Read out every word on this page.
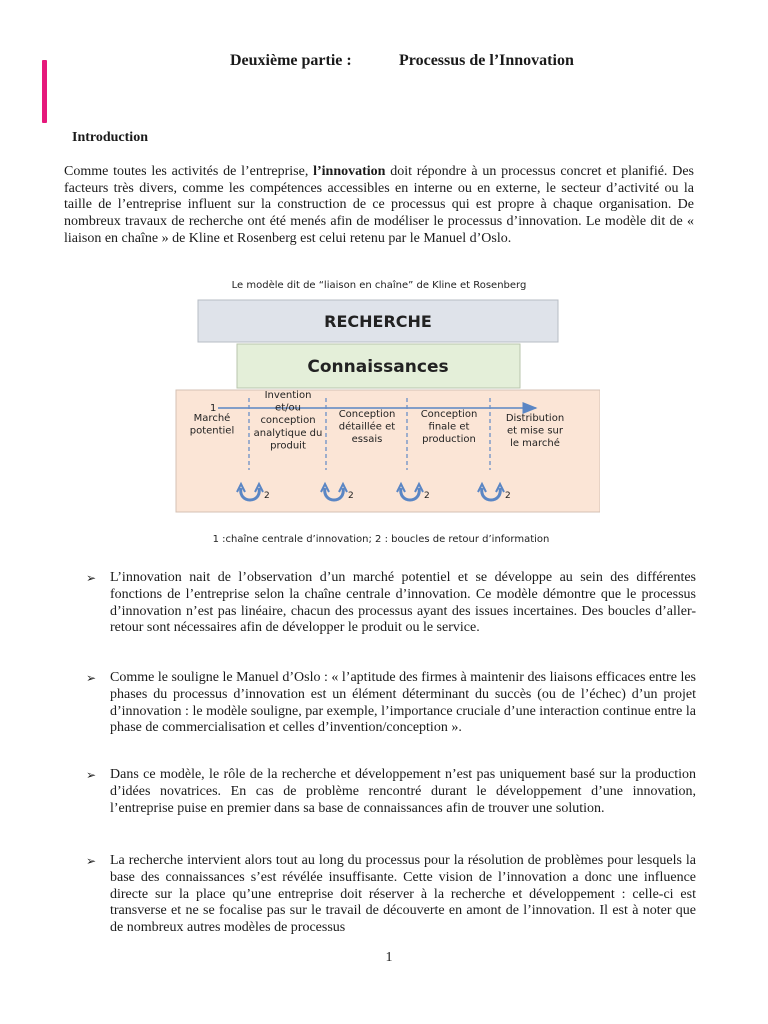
Deuxième partie :	Processus de l’Innovation
Introduction

Comme toutes les activités de l’entreprise, l’innovation doit répondre à un processus concret et planifié. Des facteurs très divers, comme les compétences accessibles en interne ou en externe, le secteur d’activité ou la taille de l’entreprise influent sur la construction de ce processus qui est propre à chaque organisation. De nombreux travaux de recherche ont été menés afin de modéliser le processus d’innovation. Le modèle dit de « liaison en chaîne » de Kline et Rosenberg est celui retenu par le Manuel d’Oslo.

Le modèle dit de “liaison en chaîne” de Kline et Rosenberg
RECHERCHE
Connaissances
1
Marché potentiel
Invention et/ou conception analytique du produit
Conception détaillée et essais
Conception finale et production
Distribution et mise sur le marché
2	2	2	2
1 :chaîne centrale d’innovation; 2 : boucles de retour d’information
➢ L’innovation nait de l’observation d’un marché potentiel et se développe au sein des différentes fonctions de l’entreprise selon la chaîne centrale d’innovation. Ce modèle démontre que le processus d’innovation n’est pas linéaire, chacun des processus ayant des issues incertaines. Des boucles d’aller-retour sont nécessaires afin de développer le produit ou le service.
➢ Comme le souligne le Manuel d’Oslo : « l’aptitude des firmes à maintenir des liaisons efficaces entre les phases du processus d’innovation est un élément déterminant du succès (ou de l’échec) d’un projet d’innovation : le modèle souligne, par exemple, l’importance cruciale d’une interaction continue entre la phase de commercialisation et celles d’invention/conception ».
➢ Dans ce modèle, le rôle de la recherche et développement n’est pas uniquement basé sur la production d’idées novatrices. En cas de problème rencontré durant le développement d’une innovation, l’entreprise puise en premier dans sa base de connaissances afin de trouver une solution.
➢ La recherche intervient alors tout au long du processus pour la résolution de problèmes pour lesquels la base des connaissances s’est révélée insuffisante. Cette vision de l’innovation a donc une influence directe sur la place qu’une entreprise doit réserver à la recherche et développement : celle-ci est transverse et ne se focalise pas sur le travail de découverte en amont de l’innovation. Il est à noter que de nombreux autres modèles de processus
1
